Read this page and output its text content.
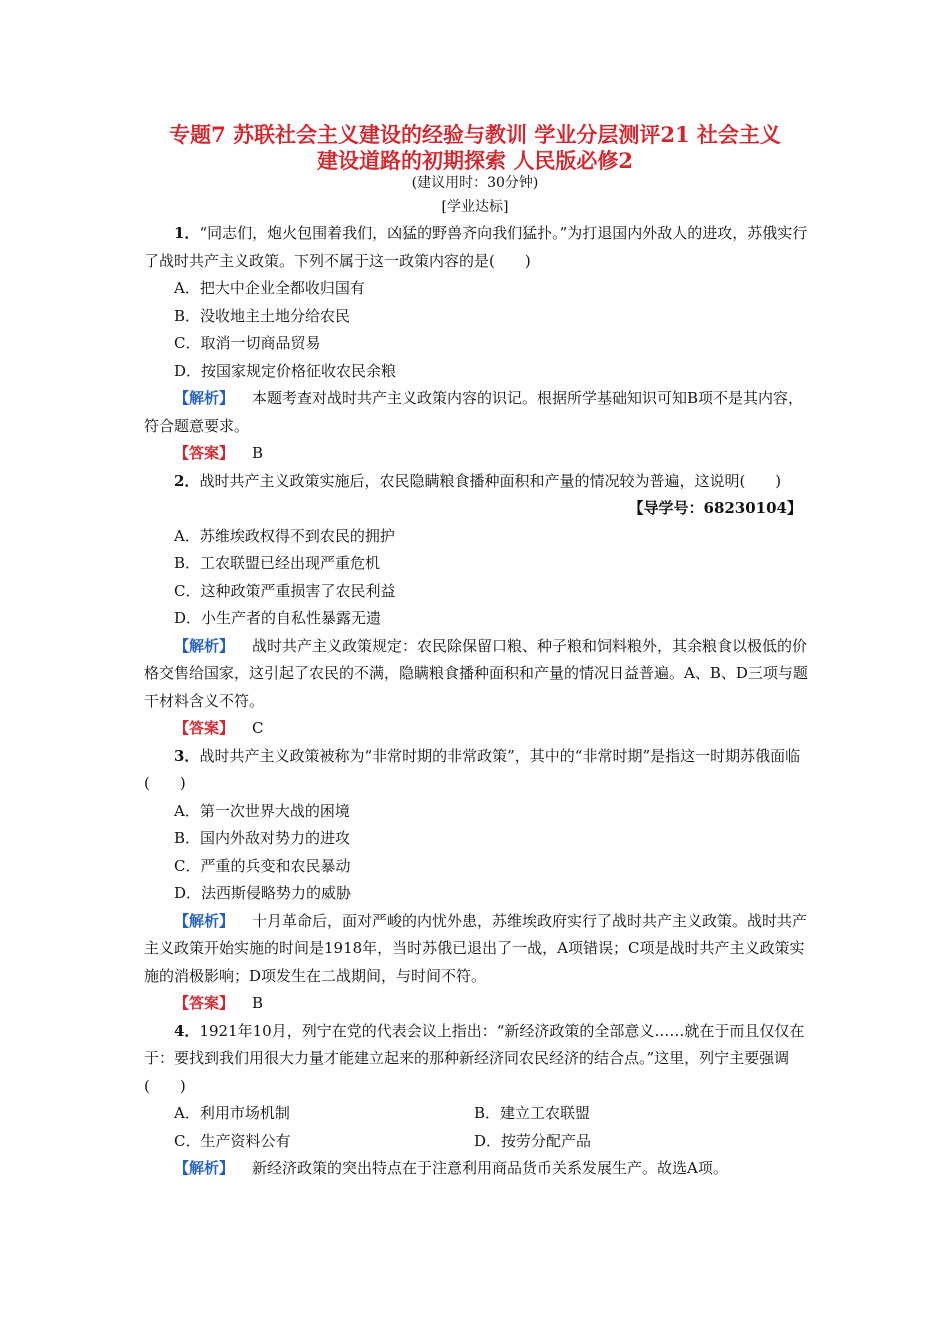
专题7 苏联社会主义建设的经验与教训 学业分层测评21 社会主义
建设道路的初期探索 人民版必修2
(建议用时：30分钟)
[学业达标]

1．“同志们，炮火包围着我们，凶猛的野兽齐向我们猛扑。”为打退国内外敌人的进攻，苏俄实行了战时共产主义政策。下列不属于这一政策内容的是(　　)

A．把大中企业全都收归国有

B．没收地主土地分给农民

C．取消一切商品贸易

D．按国家规定价格征收农民余粮

【解析】 本题考查对战时共产主义政策内容的识记。根据所学基础知识可知B项不是其内容，符合题意要求。

【答案】 B

2．战时共产主义政策实施后，农民隐瞒粮食播种面积和产量的情况较为普遍，这说明(　　)

【导学号：68230104】

A．苏维埃政权得不到农民的拥护

B．工农联盟已经出现严重危机

C．这种政策严重损害了农民利益

D．小生产者的自私性暴露无遗

【解析】 战时共产主义政策规定：农民除保留口粮、种子粮和饲料粮外，其余粮食以极低的价格交售给国家，这引起了农民的不满，隐瞒粮食播种面积和产量的情况日益普遍。A、B、D三项与题干材料含义不符。

【答案】 C

3．战时共产主义政策被称为“非常时期的非常政策”，其中的“非常时期”是指这一时期苏俄面临(　　)

A．第一次世界大战的困境

B．国内外敌对势力的进攻

C．严重的兵变和农民暴动

D．法西斯侵略势力的威胁

【解析】 十月革命后，面对严峻的内忧外患，苏维埃政府实行了战时共产主义政策。战时共产主义政策开始实施的时间是1918年，当时苏俄已退出了一战，A项错误；C项是战时共产主义政策实施的消极影响；D项发生在二战期间，与时间不符。

【答案】 B

4．1921年10月，列宁在党的代表会议上指出：“新经济政策的全部意义……就在于而且仅仅在于：要找到我们用很大力量才能建立起来的那种新经济同农民经济的结合点。”这里，列宁主要强调(　　)

A．利用市场机制	B．建立工农联盟
C．生产资料公有	D．按劳分配产品

【解析】 新经济政策的突出特点在于注意利用商品货币关系发展生产。故选A项。
